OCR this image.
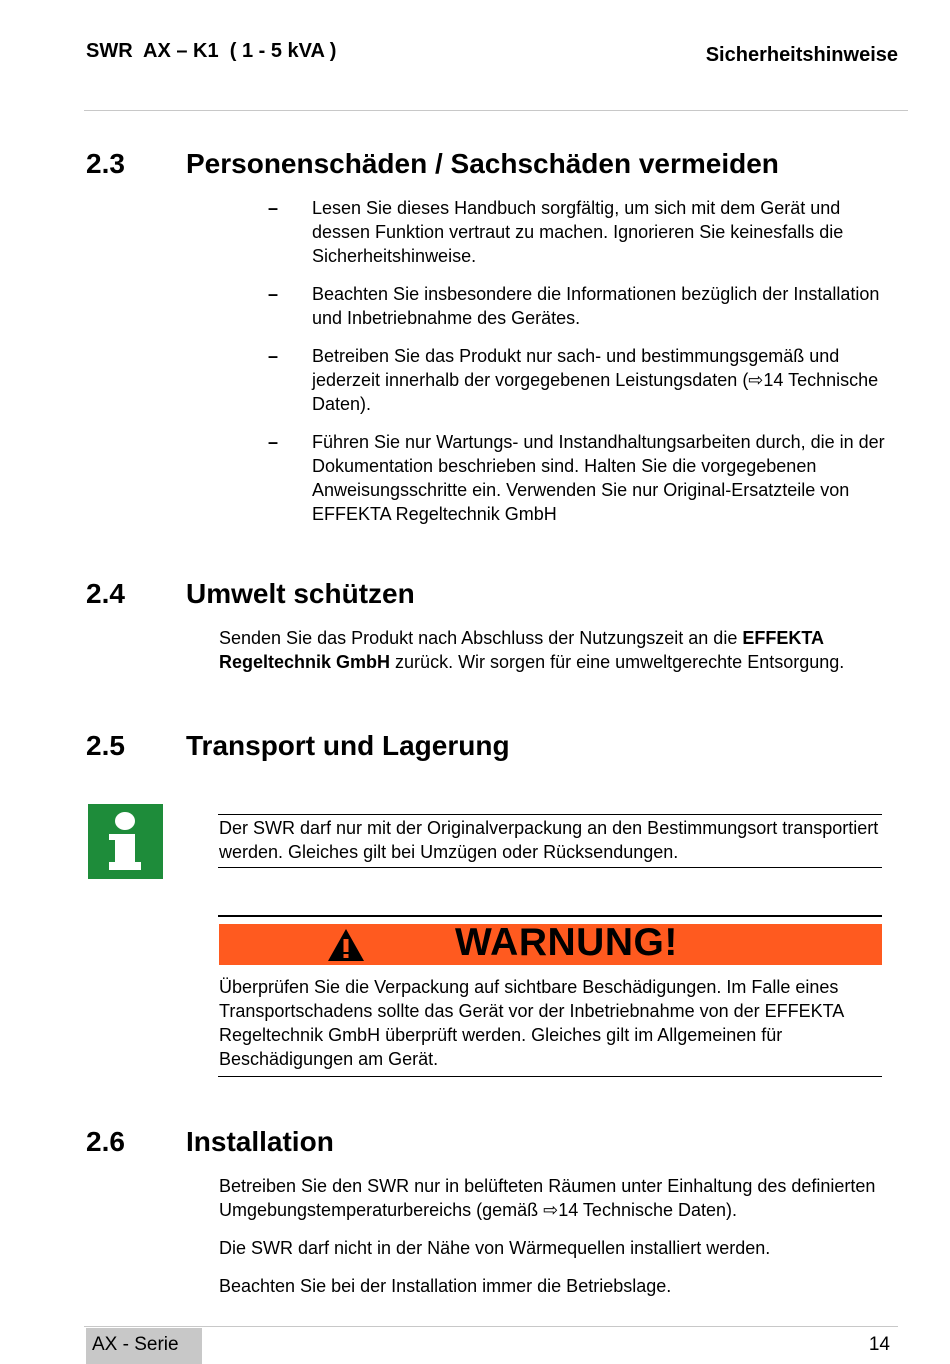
SWR  AX – K1  ( 1 - 5 kVA )	Sicherheitshinweise
2.3 Personenschäden / Sachschäden vermeiden
– Lesen Sie dieses Handbuch sorgfältig, um sich mit dem Gerät und dessen Funktion vertraut zu machen. Ignorieren Sie keinesfalls die Sicherheitshinweise.
– Beachten Sie insbesondere die Informationen bezüglich der Installation und Inbetriebnahme des Gerätes.
– Betreiben Sie das Produkt nur sach- und bestimmungsgemäß und jederzeit innerhalb der vorgegebenen Leistungsdaten (⇨14 Technische Daten).
– Führen Sie nur Wartungs- und Instandhaltungsarbeiten durch, die in der Dokumentation beschrieben sind. Halten Sie die vorgegebenen Anweisungsschritte ein. Verwenden Sie nur Original-Ersatzteile von EFFEKTA Regeltechnik GmbH
2.4 Umwelt schützen
Senden Sie das Produkt nach Abschluss der Nutzungszeit an die EFFEKTA Regeltechnik GmbH zurück. Wir sorgen für eine umweltgerechte Entsorgung.
2.5 Transport und Lagerung
Der SWR darf nur mit der Originalverpackung an den Bestimmungsort transportiert werden. Gleiches gilt bei Umzügen oder Rücksendungen.
WARNUNG!
Überprüfen Sie die Verpackung auf sichtbare Beschädigungen. Im Falle eines Transportschadens sollte das Gerät vor der Inbetriebnahme von der EFFEKTA Regeltechnik GmbH überprüft werden. Gleiches gilt im Allgemeinen für Beschädigungen am Gerät.
2.6 Installation

Betreiben Sie den SWR nur in belüfteten Räumen unter Einhaltung des definierten Umgebungstemperaturbereichs (gemäß ⇨14 Technische Daten).

Die SWR darf nicht in der Nähe von Wärmequellen installiert werden.

Beachten Sie bei der Installation immer die Betriebslage.

AX - Serie	14
